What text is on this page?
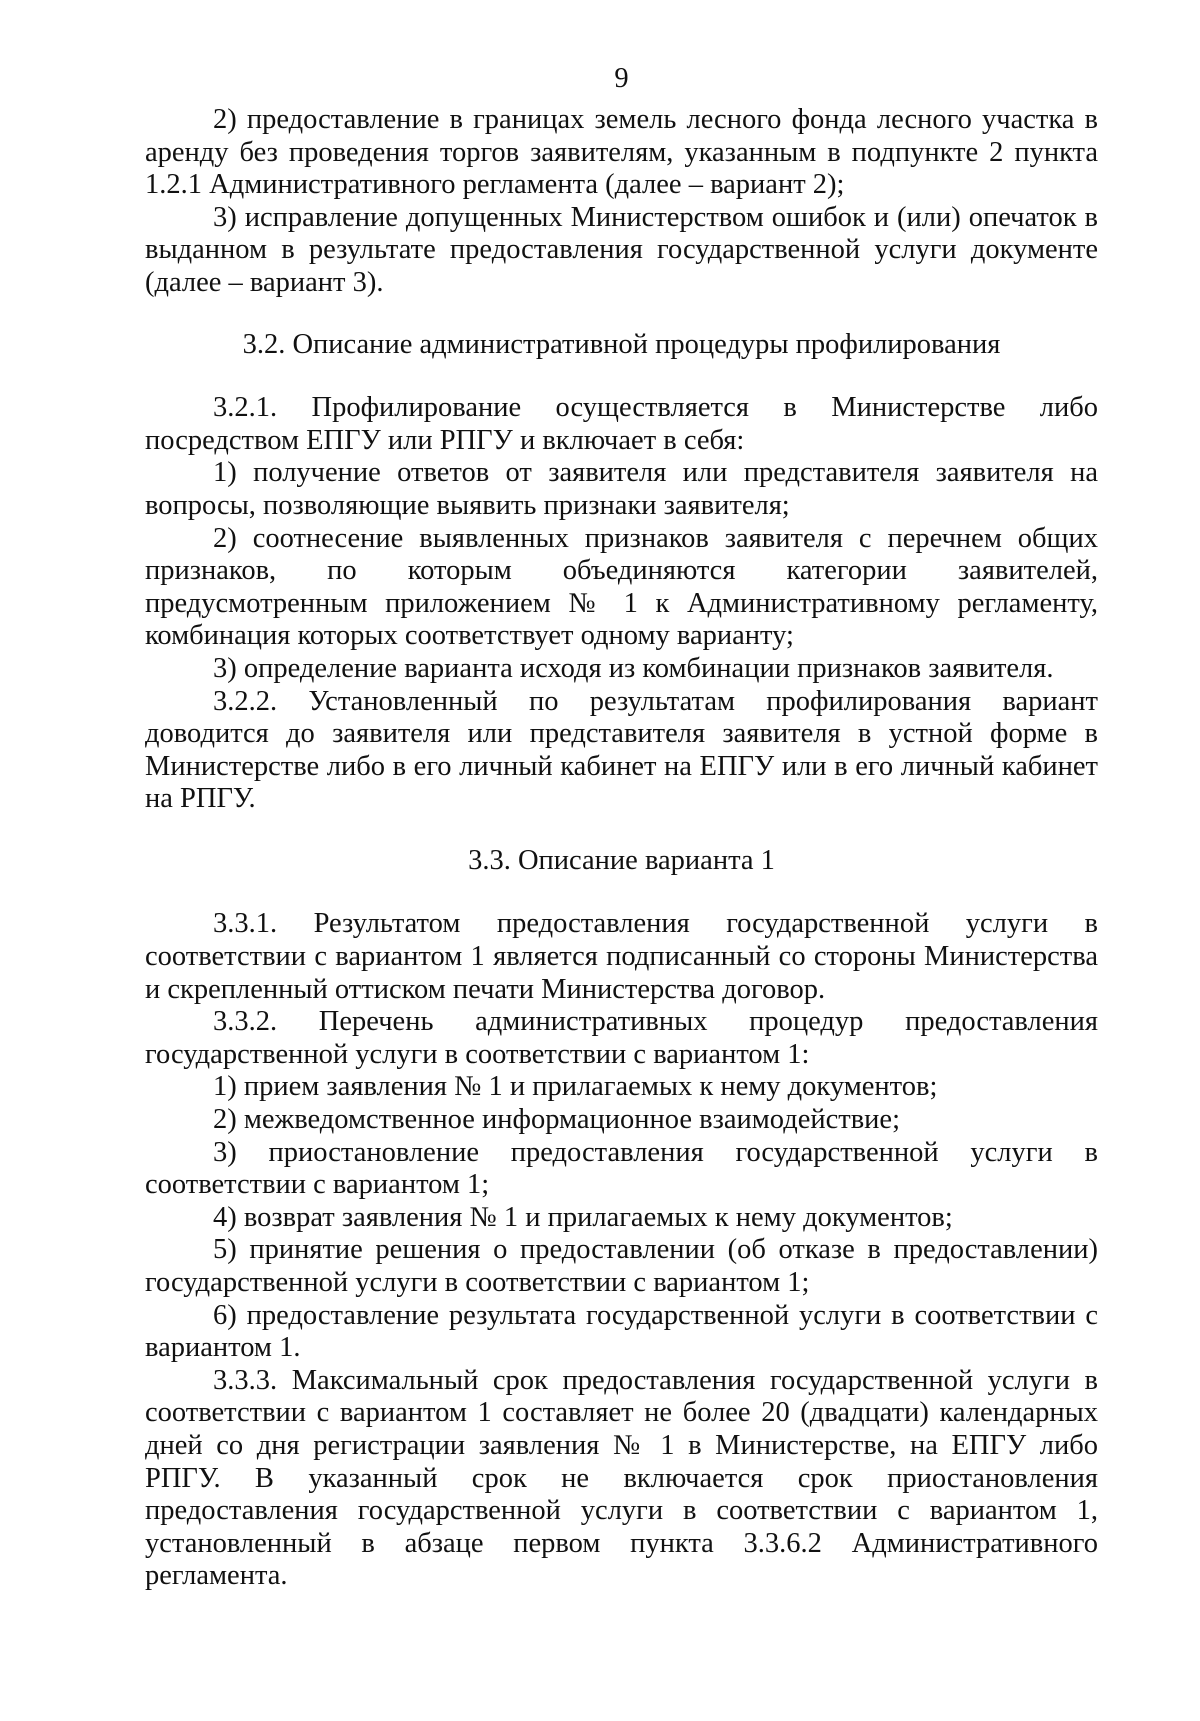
9

2) предоставление в границах земель лесного фонда лесного участка в аренду без проведения торгов заявителям, указанным в подпункте 2 пункта 1.2.1 Административного регламента (далее – вариант 2);

3) исправление допущенных Министерством ошибок и (или) опечаток в выданном в результате предоставления государственной услуги документе (далее – вариант 3).

3.2. Описание административной процедуры профилирования

3.2.1. Профилирование осуществляется в Министерстве либо посредством ЕПГУ или РПГУ и включает в себя:

1) получение ответов от заявителя или представителя заявителя на вопросы, позволяющие выявить признаки заявителя;

2) соотнесение выявленных признаков заявителя с перечнем общих признаков, по которым объединяются категории заявителей, предусмотренным приложением № 1 к Административному регламенту, комбинация которых соответствует одному варианту;

3) определение варианта исходя из комбинации признаков заявителя.

3.2.2. Установленный по результатам профилирования вариант доводится до заявителя или представителя заявителя в устной форме в Министерстве либо в его личный кабинет на ЕПГУ или в его личный кабинет на РПГУ.

3.3. Описание варианта 1

3.3.1. Результатом предоставления государственной услуги в соответствии с вариантом 1 является подписанный со стороны Министерства и скрепленный оттиском печати Министерства договор.

3.3.2. Перечень административных процедур предоставления государственной услуги в соответствии с вариантом 1:

1) прием заявления № 1 и прилагаемых к нему документов;

2) межведомственное информационное взаимодействие;

3) приостановление предоставления государственной услуги в соответствии с вариантом 1;

4) возврат заявления № 1 и прилагаемых к нему документов;

5) принятие решения о предоставлении (об отказе в предоставлении) государственной услуги в соответствии с вариантом 1;

6) предоставление результата государственной услуги в соответствии с вариантом 1.

3.3.3. Максимальный срок предоставления государственной услуги в соответствии с вариантом 1 составляет не более 20 (двадцати) календарных дней со дня регистрации заявления № 1 в Министерстве, на ЕПГУ либо РПГУ. В указанный срок не включается срок приостановления предоставления государственной услуги в соответствии с вариантом 1, установленный в абзаце первом пункта 3.3.6.2 Административного регламента.
